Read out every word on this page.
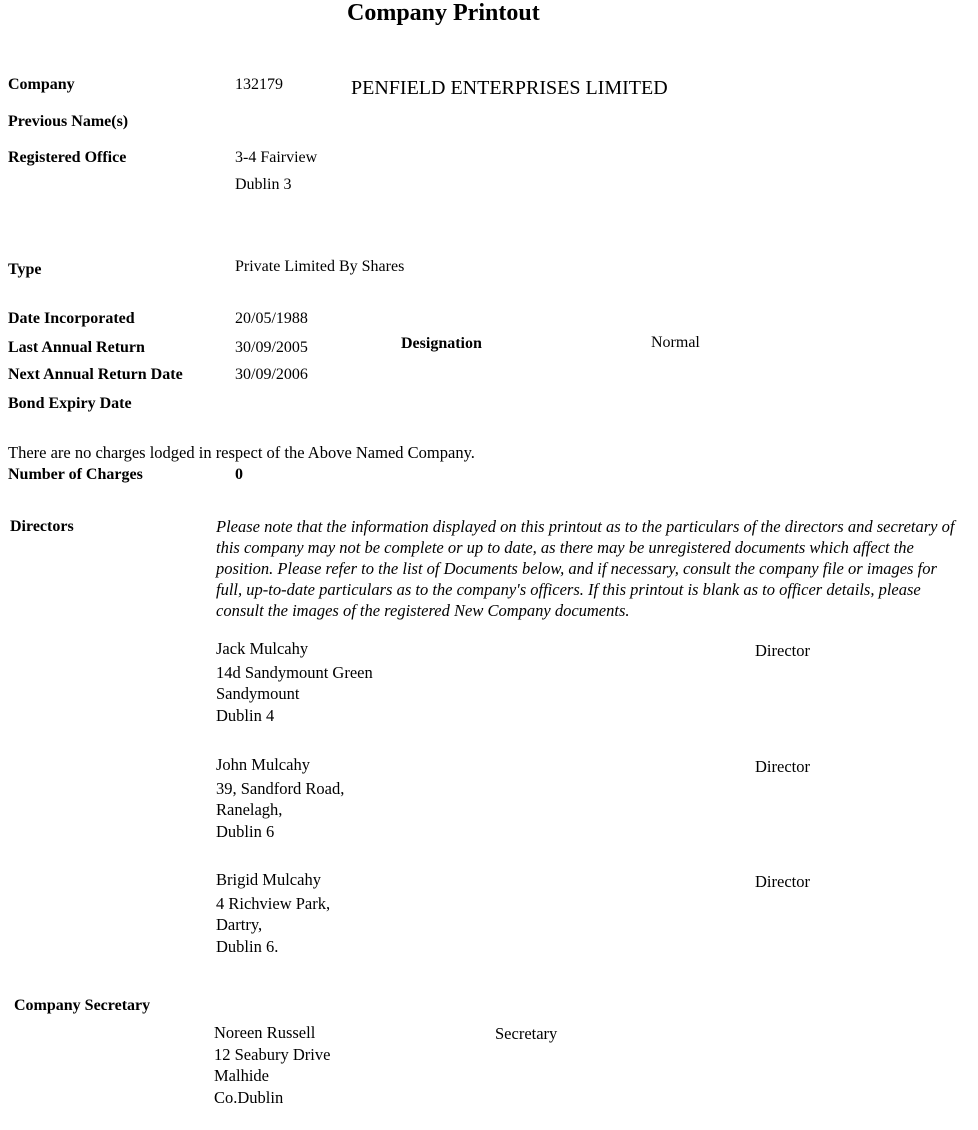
Company Printout
Company	132179	PENFIELD ENTERPRISES LIMITED
Previous Name(s)
Registered Office	3-4 Fairview
Dublin 3
Type	Private Limited By Shares
Date Incorporated	20/05/1988
Last Annual Return	30/09/2005	Designation	Normal
Next Annual Return Date	30/09/2006
Bond Expiry Date
There are no charges lodged in respect of the Above Named Company.
Number of Charges	0
Directors	Please note that the information displayed on this printout as to the particulars of the directors and secretary of this company may not be complete or up to date, as there may be unregistered documents which affect the position. Please refer to the list of Documents below, and if necessary, consult the company file or images for full, up-to-date particulars as to the company's officers. If this printout is blank as to officer details, please consult the images of the registered New Company documents.
Jack Mulcahy
14d Sandymount Green
Sandymount
Dublin 4
Director
John Mulcahy
39, Sandford Road,
Ranelagh,
Dublin 6
Director
Brigid Mulcahy
4 Richview Park,
Dartry,
Dublin 6.
Director
Company Secretary
Noreen Russell
12 Seabury Drive
Malhide
Co.Dublin
Secretary
